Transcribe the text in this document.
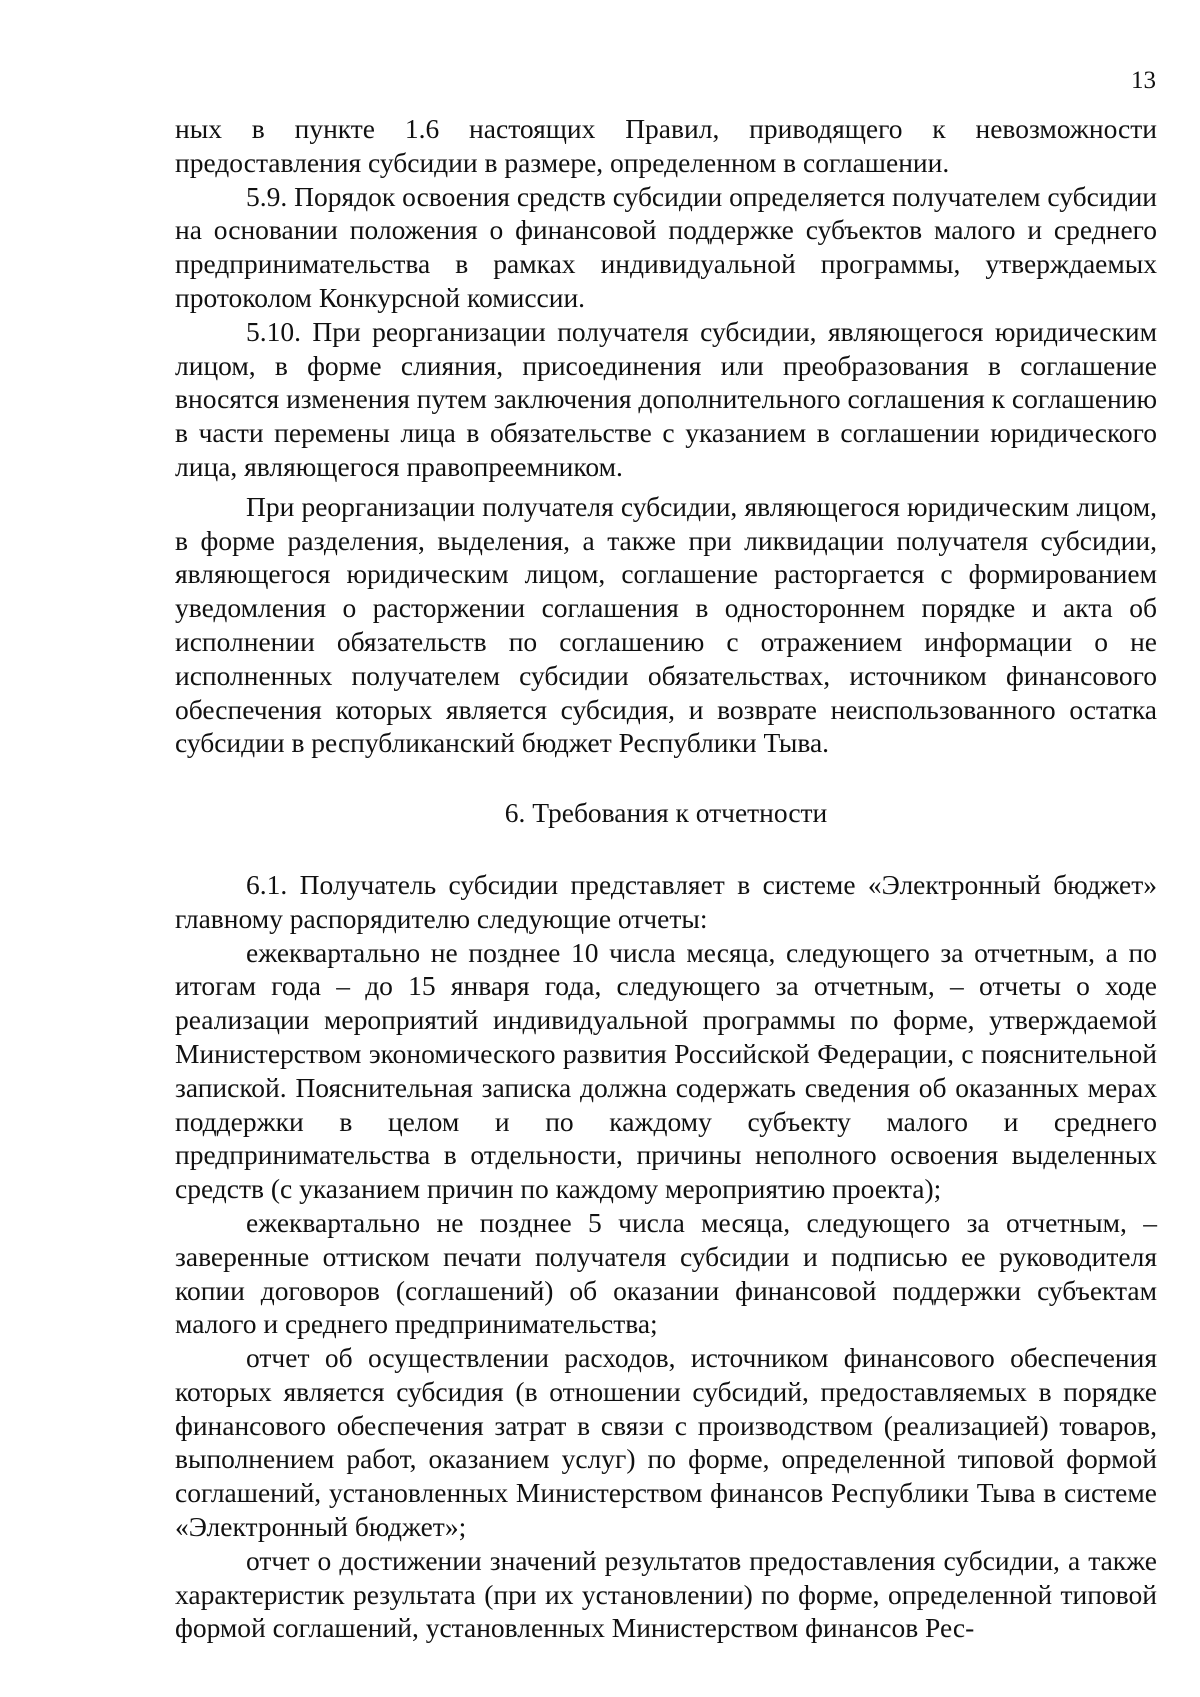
13

ных в пункте 1.6 настоящих Правил, приводящего к невозможности предоставления субсидии в размере, определенном в соглашении.

5.9. Порядок освоения средств субсидии определяется получателем субсидии на основании положения о финансовой поддержке субъектов малого и среднего предпринимательства в рамках индивидуальной программы, утверждаемых протоколом Конкурсной комиссии.

5.10. При реорганизации получателя субсидии, являющегося юридическим лицом, в форме слияния, присоединения или преобразования в соглашение вносятся изменения путем заключения дополнительного соглашения к соглашению в части перемены лица в обязательстве с указанием в соглашении юридического лица, являющегося правопреемником.

При реорганизации получателя субсидии, являющегося юридическим лицом, в форме разделения, выделения, а также при ликвидации получателя субсидии, являющегося юридическим лицом, соглашение расторгается с формированием уведомления о расторжении соглашения в одностороннем порядке и акта об исполнении обязательств по соглашению с отражением информации о не исполненных получателем субсидии обязательствах, источником финансового обеспечения которых является субсидия, и возврате неиспользованного остатка субсидии в республиканский бюджет Республики Тыва.

6. Требования к отчетности

6.1. Получатель субсидии представляет в системе «Электронный бюджет» главному распорядителю следующие отчеты:

ежеквартально не позднее 10 числа месяца, следующего за отчетным, а по итогам года – до 15 января года, следующего за отчетным, – отчеты о ходе реализации мероприятий индивидуальной программы по форме, утверждаемой Министерством экономического развития Российской Федерации, с пояснительной запиской. Пояснительная записка должна содержать сведения об оказанных мерах поддержки в целом и по каждому субъекту малого и среднего предпринимательства в отдельности, причины неполного освоения выделенных средств (с указанием причин по каждому мероприятию проекта);

ежеквартально не позднее 5 числа месяца, следующего за отчетным, – заверенные оттиском печати получателя субсидии и подписью ее руководителя копии договоров (соглашений) об оказании финансовой поддержки субъектам малого и среднего предпринимательства;

отчет об осуществлении расходов, источником финансового обеспечения которых является субсидия (в отношении субсидий, предоставляемых в порядке финансового обеспечения затрат в связи с производством (реализацией) товаров, выполнением работ, оказанием услуг) по форме, определенной типовой формой соглашений, установленных Министерством финансов Республики Тыва в системе «Электронный бюджет»;

отчет о достижении значений результатов предоставления субсидии, а также характеристик результата (при их установлении) по форме, определенной типовой формой соглашений, установленных Министерством финансов Рес-
